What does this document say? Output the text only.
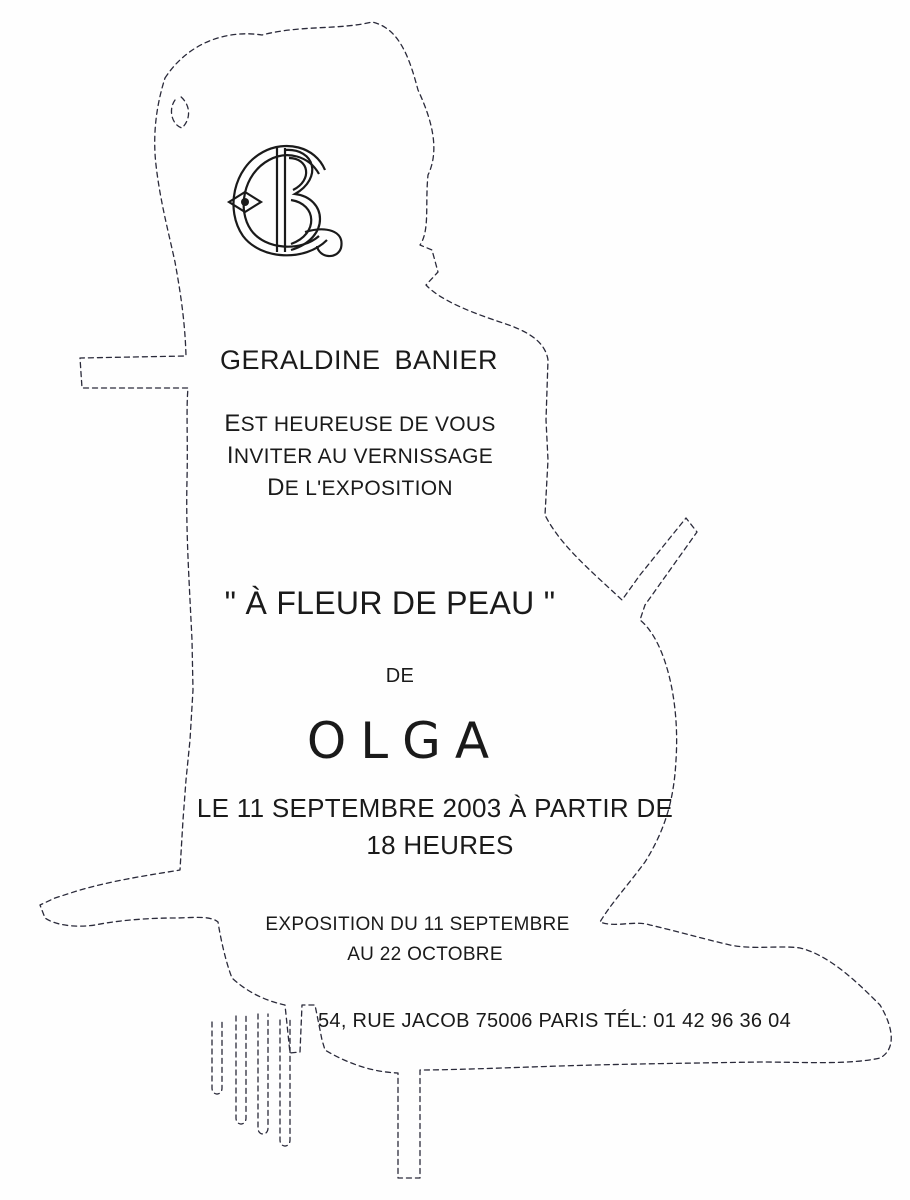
GERALDINE BANIER
EST HEUREUSE DE VOUS
INVITER AU VERNISSAGE
DE L'EXPOSITION
" À FLEUR DE PEAU "
DE
OLGA
LE 11 SEPTEMBRE 2003 À PARTIR DE
18 HEURES
EXPOSITION DU 11 SEPTEMBRE
AU 22 OCTOBRE
54, RUE JACOB 75006 PARIS TÉL: 01 42 96 36 04
